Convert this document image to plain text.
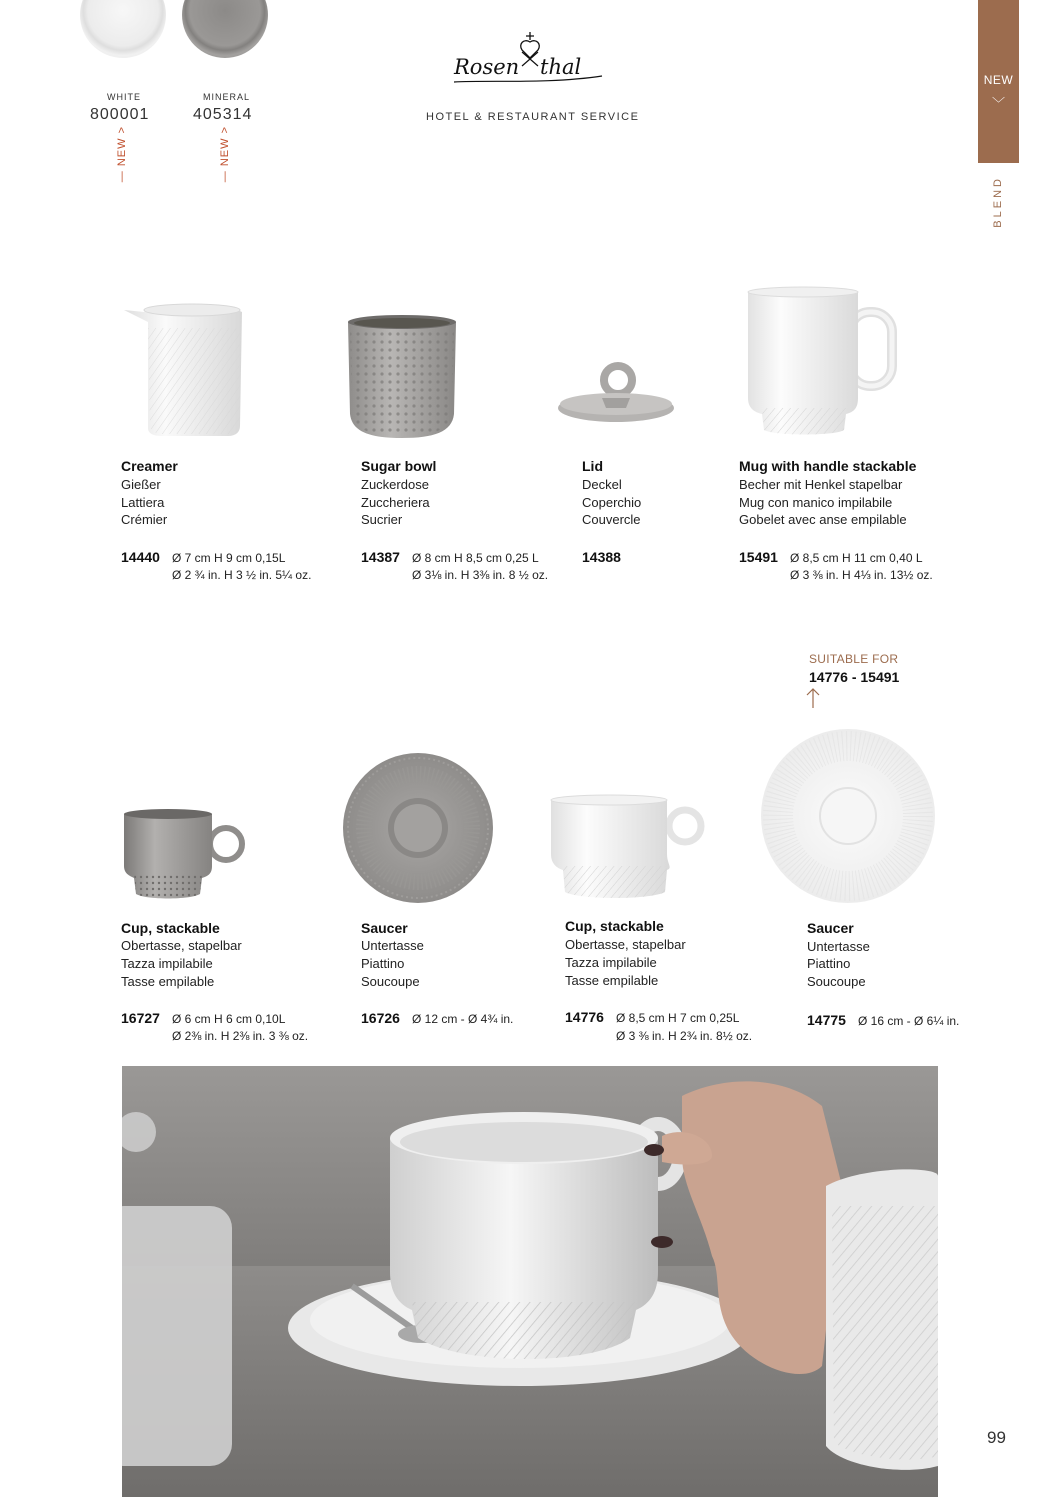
WHITE	MINERAL
800001	405314
— NEW >	— NEW >
Rosen thal
HOTEL & RESTAURANT SERVICE
NEW
﹀
BLEND
Creamer
Gießer
Lattiera
Crémier
14440 Ø 7 cm H 9 cm 0,15L
Ø 2 ¾ in. H 3 ½ in. 5¼ oz.
Sugar bowl
Zuckerdose
Zuccheriera
Sucrier
14387 Ø 8 cm H 8,5 cm 0,25 L
Ø 3⅛ in. H 3⅜ in. 8 ½ oz.
Lid
Deckel
Coperchio
Couvercle
14388
Mug with handle stackable
Becher mit Henkel stapelbar
Mug con manico impilabile
Gobelet avec anse empilable
15491 Ø 8,5 cm H 11 cm 0,40 L
Ø 3 ⅜ in. H 4⅓ in. 13½ oz.
SUITABLE FOR
14776 - 15491
Cup, stackable
Obertasse, stapelbar
Tazza impilabile
Tasse empilable
16727 Ø 6 cm H 6 cm 0,10L
Ø 2⅜ in. H 2⅜ in. 3 ⅜ oz.
Saucer
Untertasse
Piattino
Soucoupe
16726 Ø 12 cm - Ø 4¾ in.
Cup, stackable
Obertasse, stapelbar
Tazza impilabile
Tasse empilable
14776 Ø 8,5 cm H 7 cm 0,25L
Ø 3 ⅜ in. H 2¾ in. 8½ oz.
Saucer
Untertasse
Piattino
Soucoupe
14775 Ø 16 cm - Ø 6¼ in.
99
